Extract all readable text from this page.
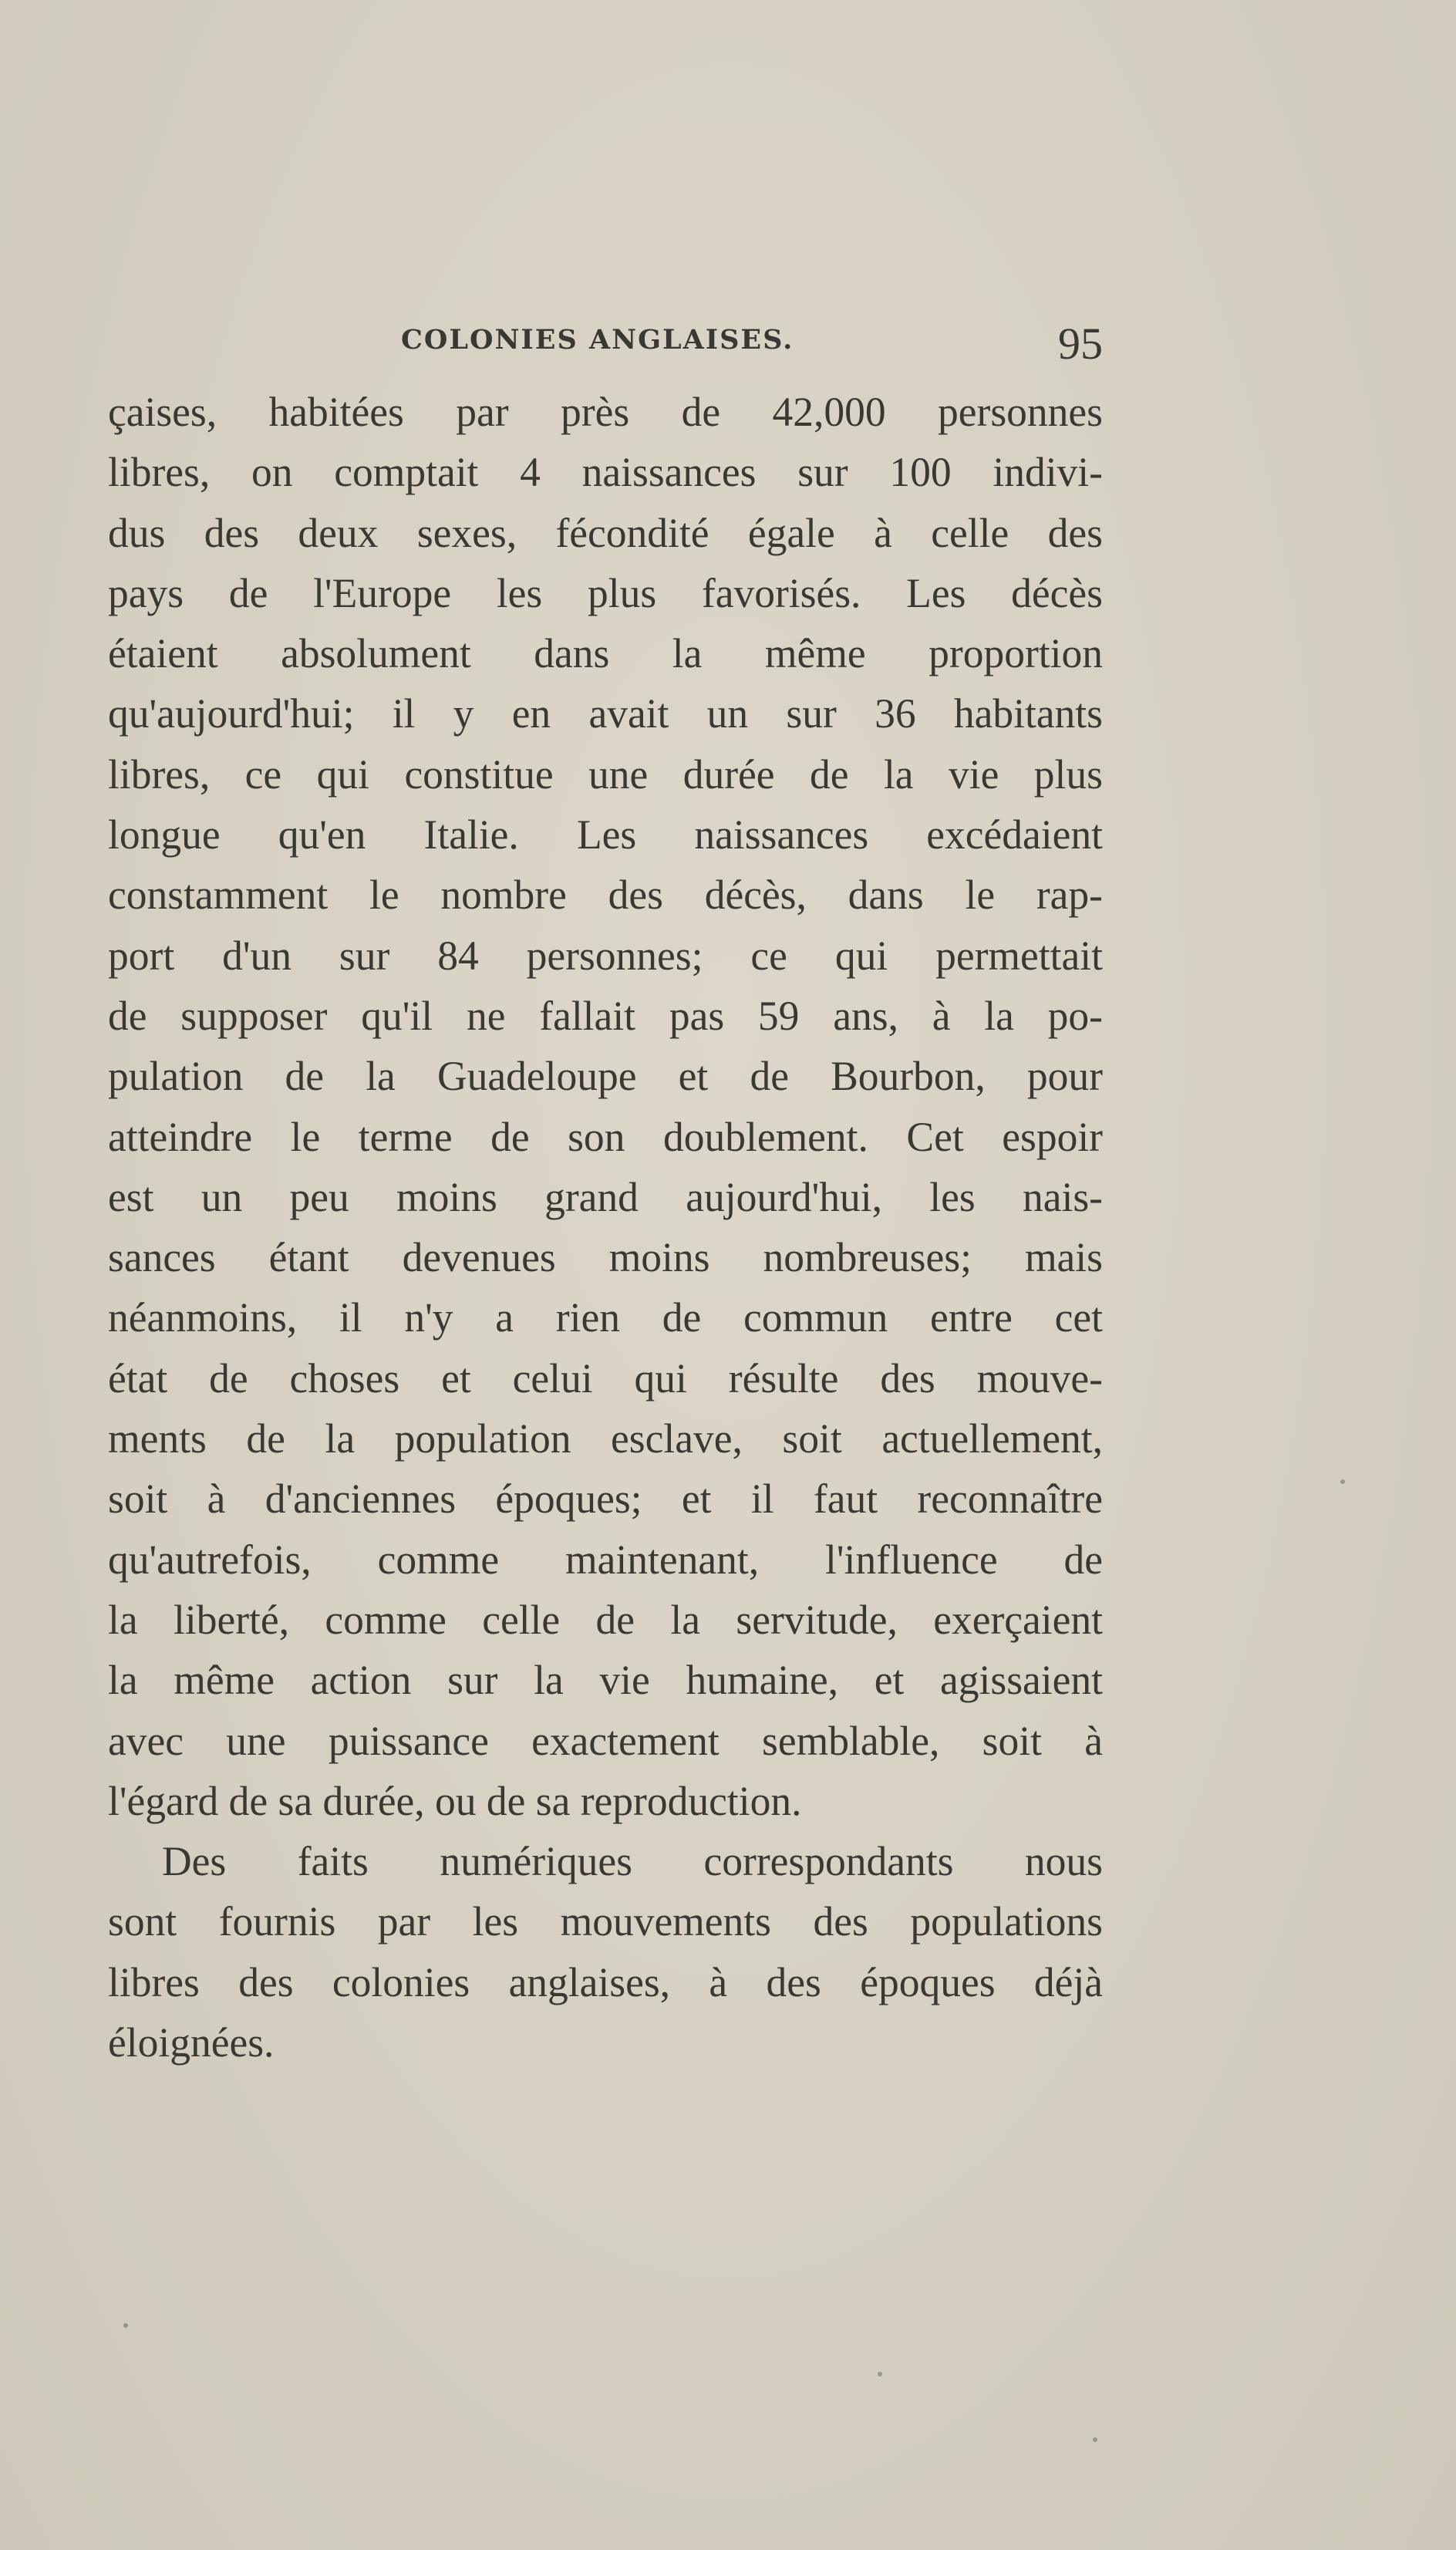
COLONIES ANGLAISES.	95
çaises, habitées par près de 42,000 personnes
libres, on comptait 4 naissances sur 100 indivi-
dus des deux sexes, fécondité égale à celle des
pays de l'Europe les plus favorisés. Les décès
étaient absolument dans la même proportion
qu'aujourd'hui; il y en avait un sur 36 habitants
libres, ce qui constitue une durée de la vie plus
longue qu'en Italie. Les naissances excédaient
constamment le nombre des décès, dans le rap-
port d'un sur 84 personnes; ce qui permettait
de supposer qu'il ne fallait pas 59 ans, à la po-
pulation de la Guadeloupe et de Bourbon, pour
atteindre le terme de son doublement. Cet espoir
est un peu moins grand aujourd'hui, les nais-
sances étant devenues moins nombreuses; mais
néanmoins, il n'y a rien de commun entre cet
état de choses et celui qui résulte des mouve-
ments de la population esclave, soit actuellement,
soit à d'anciennes époques; et il faut reconnaître
qu'autrefois, comme maintenant, l'influence de
la liberté, comme celle de la servitude, exerçaient
la même action sur la vie humaine, et agissaient
avec une puissance exactement semblable, soit à
l'égard de sa durée, ou de sa reproduction.
Des faits numériques correspondants nous
sont fournis par les mouvements des populations
libres des colonies anglaises, à des époques déjà
éloignées.
